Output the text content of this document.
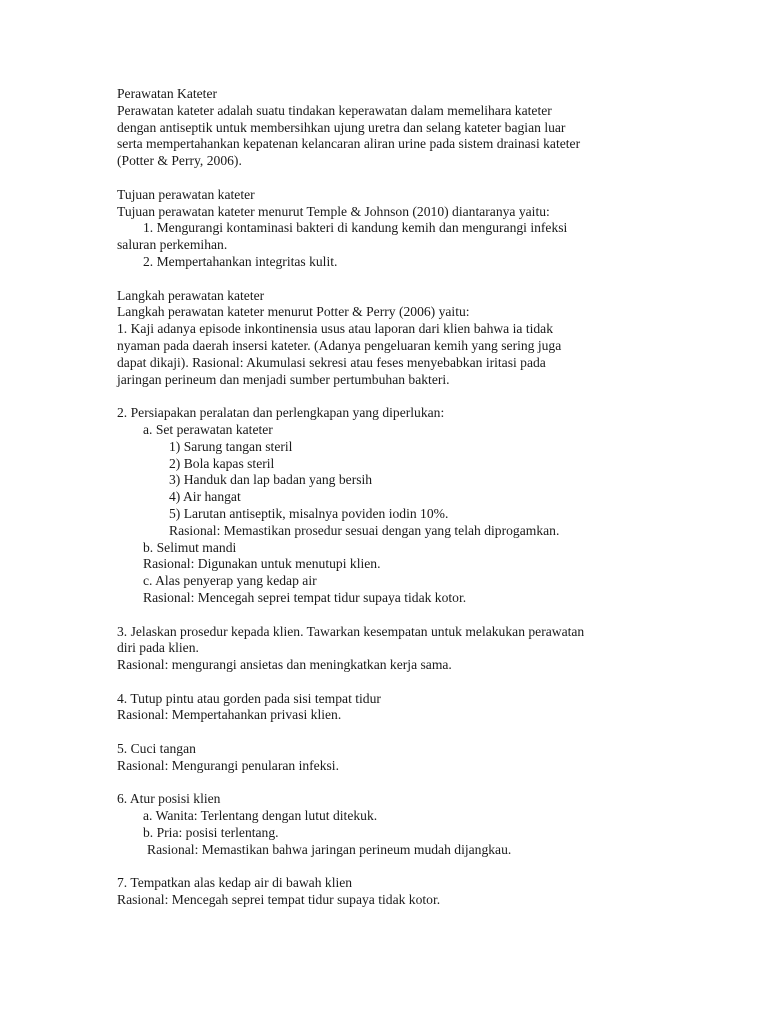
Perawatan Kateter
Perawatan kateter adalah suatu tindakan keperawatan dalam memelihara kateter
dengan antiseptik untuk membersihkan ujung uretra dan selang kateter bagian luar
serta mempertahankan kepatenan kelancaran aliran urine pada sistem drainasi kateter
(Potter & Perry, 2006).
Tujuan perawatan kateter
Tujuan perawatan kateter menurut Temple & Johnson (2010) diantaranya yaitu:
1. Mengurangi kontaminasi bakteri di kandung kemih dan mengurangi infeksi
saluran perkemihan.
2. Mempertahankan integritas kulit.
Langkah perawatan kateter
Langkah perawatan kateter menurut Potter & Perry (2006) yaitu:
1. Kaji adanya episode inkontinensia usus atau laporan dari klien bahwa ia tidak
nyaman pada daerah insersi kateter. (Adanya pengeluaran kemih yang sering juga
dapat dikaji). Rasional: Akumulasi sekresi atau feses menyebabkan iritasi pada
jaringan perineum dan menjadi sumber pertumbuhan bakteri.
2. Persiapakan peralatan dan perlengkapan yang diperlukan:
a. Set perawatan kateter
1) Sarung tangan steril
2) Bola kapas steril
3) Handuk dan lap badan yang bersih
4) Air hangat
5) Larutan antiseptik, misalnya poviden iodin 10%.
Rasional: Memastikan prosedur sesuai dengan yang telah diprogamkan.
b. Selimut mandi
Rasional: Digunakan untuk menutupi klien.
c. Alas penyerap yang kedap air
Rasional: Mencegah seprei tempat tidur supaya tidak kotor.
3. Jelaskan prosedur kepada klien. Tawarkan kesempatan untuk melakukan perawatan
diri pada klien.
Rasional: mengurangi ansietas dan meningkatkan kerja sama.
4. Tutup pintu atau gorden pada sisi tempat tidur
Rasional: Mempertahankan privasi klien.
5. Cuci tangan
Rasional: Mengurangi penularan infeksi.
6. Atur posisi klien
a. Wanita: Terlentang dengan lutut ditekuk.
b. Pria: posisi terlentang.
Rasional: Memastikan bahwa jaringan perineum mudah dijangkau.
7. Tempatkan alas kedap air di bawah klien
Rasional: Mencegah seprei tempat tidur supaya tidak kotor.
